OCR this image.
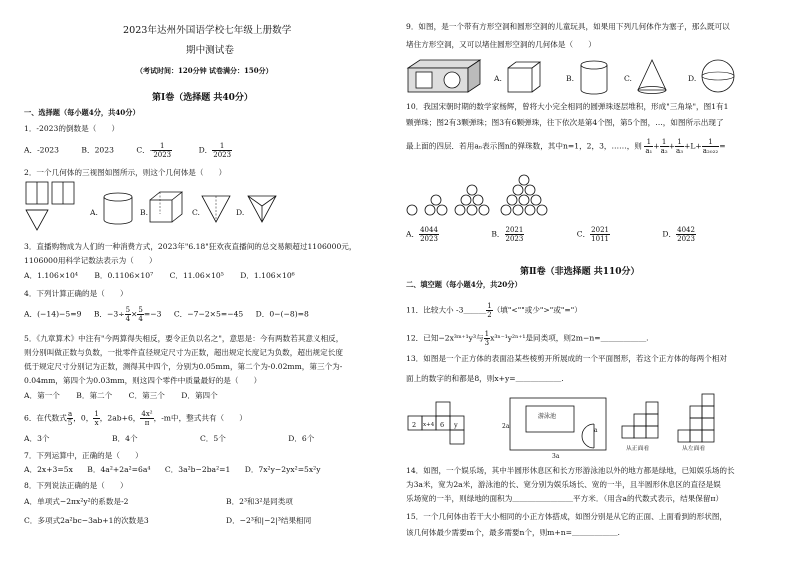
2023年达州外国语学校七年级上册数学
期中测试卷
（考试时间：120分钟 试卷满分：150分）
第Ⅰ卷（选择题 共40分）
一、选择题（每小题4分，共40分）
1．-2023的倒数是（　　）
A．-2023	B．2023	C．- $\frac{1}{2023}$	D． $\frac{1}{2023}$
2．一个几何体的三视图如图所示，则这个几何体是（　　）
A.	B.	C.	D.
3．直播购物成为人们的一种消费方式，2023年"6.18"狂欢夜直播间的总交易额超过1106000元，
1106000用科学记数法表示为（　　）
A．1.106×10⁴ B．0.1106×10⁷ C．11.06×10⁵ D．1.106×10⁶
4．下列计算正确的是（　　）
A．(−14)−5=9 B．$-3\div \frac{5}{4} \times \frac{5}{4} =-3$ C．−7−2×5=−45 D．0−(−8)=8
5．《九章算术》中注有"今两算得失相反，要令正负以名之"，意思是：今有两数若其意义相反，
则分别叫做正数与负数，一批零件直径规定尺寸为正数，超出规定长度记为负数，超出规定长度
低于规定尺寸分别记为正数，测得其中四个，分别为0.05mm，第二个为-0.02mm，第三个为-
0.04mm，第四个为0.03mm，则这四个零件中质量最好的是（　　）
A．第一个 B．第二个 C．第三个 D．第四个
6．在代数式 $\frac{a}{5}$ ，0， $\frac{1}{x}$ ，2ab+6， $\frac{\text{4x²}}{\pi}$ ，-m中，整式共有（　　）
A．3个	B．4个	C．5个	D．6个
7．下列运算中，正确的是（　　）
A．2x+3=5x B．4a²+2a²=6a⁴ C．3a²b−2ba²=1 D．7x²y−2yx²=5x²y
8．下列说法正确的是（　　）
A．单项式−2πx²y²的系数是-2	B．2³和3²是同类项
C．多项式2a²bc−3ab+1的次数是3	D．−2³和|−2|³结果相同
9．如图，是一个带有方形空洞和圆形空洞的儿童玩具，如果用下列几何体作为塞子，那么既可以
堵住方形空洞，又可以堵住圆形空洞的几何体是（　　）
A.	B.	C.	D.
10．我国宋朝时期的数学家杨辉，曾将大小完全相同的圆弹珠逐层堆积，形成"三角垛"，图1有1
颗弹珠；图2有3颗弹珠；图3有6颗弹珠，往下依次是第4个图，第5个图，…，如图所示出现了
最上面的四层．若用aₙ表示图n的弹珠数，其中n=1，2，3，……，则 $\frac{1}{\text{a₁}} + \frac{1}{\text{a₂}} + \frac{1}{\text{a₃}} +L+ \frac{1}{\text{a₂₀₂₂}}$ =
A． $\frac{4044}{2023}$	B． $\frac{2021}{2023}$	C． $\frac{2021}{1011}$	D． $\frac{4042}{2023}$
第Ⅱ卷（非选择题 共110分）
二、填空题（每小题4分，共20分）
11．比较大小 -3＿＿＿ $\frac{1}{2}$ （填"<""或少">"或"="）
12．已知−2x³ᵐ⁺¹y³与 $\frac{1}{3} x^{3n-1}y^{2n+1}$是同类项，则2m−n=＿＿＿＿＿＿.
13．如图是一个正方体的表面沿某些棱剪开所展成的一个平面图形，若这个正方体的每两个相对
面上的数字的和都是8，则x+y=＿＿＿＿＿＿.
2 x+4 6 y
游泳池
3a
2a
a
从正面看	从左面看
14．如图，一个娱乐场，其中半圆形休息区和长方形游泳池以外的地方都是绿地，已知娱乐场的长
为3a米，宽为2a米，游泳池的长、宽分别为娱乐场长、宽的一半，且半圆形休息区的直径是娱
乐场宽的一半，则绿地的面积为＿＿＿＿＿＿＿＿平方米．（用含a的代数式表示，结果保留π）
15．一个几何体由若干大小相同的小正方体搭成，如图分别是从它的正面、上面看到的形状图，
该几何体最少需要m个，最多需要n个，则m+n=＿＿＿＿＿＿.
